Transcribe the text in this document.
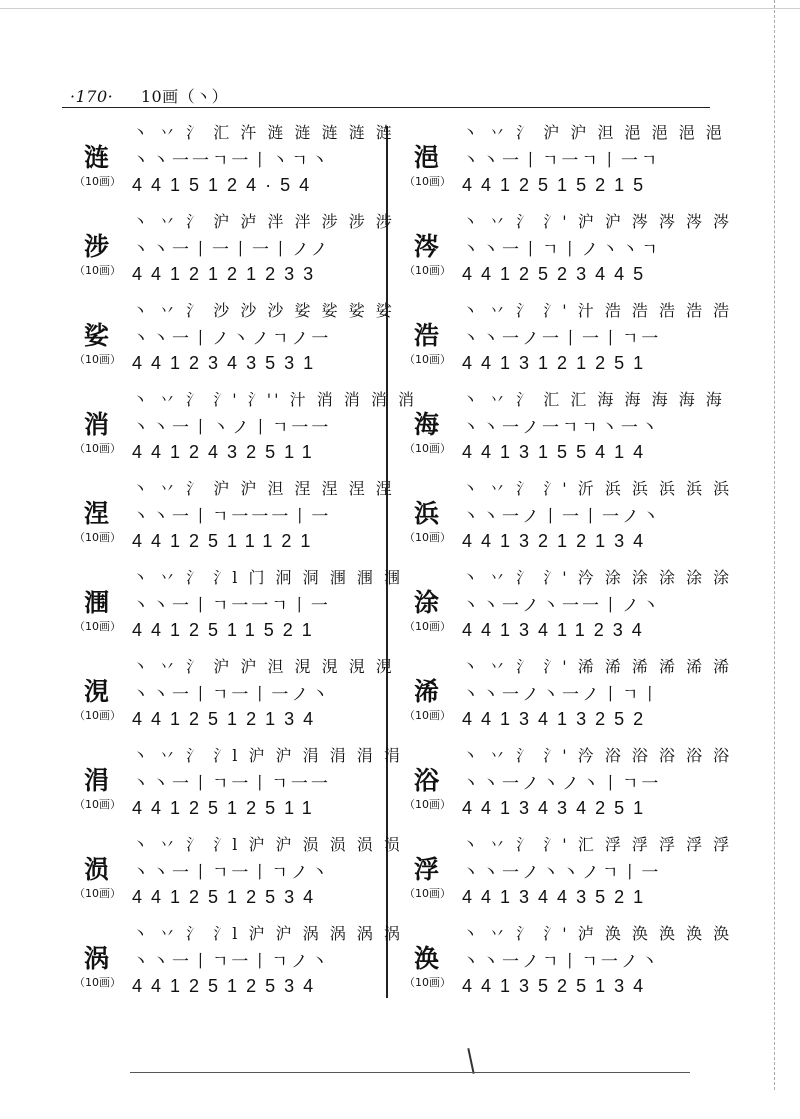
·170· 10画（丶）
涟
（10画）
丶 丷 氵 汇 汻 涟 涟 涟 涟 涟
丶丶一一ㄱ一丨丶ㄱ丶
4415124·54
涉
（10画）
丶 丷 氵 沪 泸 泮 泮 涉 涉 涉
丶丶一丨一丨一丨ノノ
4412121233
娑
（10画）
丶 丷 氵 沙 沙 沙 娑 娑 娑 娑
丶丶一丨ノ丶ノㄱノ一
4412343531
消
（10画）
丶 丷 氵 氵' 氵'' 汁 消 消 消 消
丶丶一丨丶ノ丨ㄱ一一
4412432511
涅
（10画）
丶 丷 氵 沪 沪 泹 涅 涅 涅 涅
丶丶一丨ㄱ一一一丨一
4412511121
涠
（10画）
丶 丷 氵 氵l 门 泂 洞 涠 涠 涠
丶丶一丨ㄱ一一ㄱ丨一
4412511521
涀
（10画）
丶 丷 氵 沪 沪 泹 涀 涀 涀 涀
丶丶一丨ㄱ一丨一ノ丶
4412512134
涓
（10画）
丶 丷 氵 氵l 沪 沪 涓 涓 涓 涓
丶丶一丨ㄱ一丨ㄱ一一
4412512511
涢
（10画）
丶 丷 氵 氵l 沪 沪 涢 涢 涢 涢
丶丶一丨ㄱ一丨ㄱノ丶
4412512534
涡
（10画）
丶 丷 氵 氵l 沪 沪 涡 涡 涡 涡
丶丶一丨ㄱ一丨ㄱノ丶
4412512534
浥
（10画）
丶 丷 氵 沪 沪 泹 浥 浥 浥 浥
丶丶一丨ㄱ一ㄱ丨一ㄱ
4412515215
涔
（10画）
丶 丷 氵 氵' 沪 沪 涔 涔 涔 涔
丶丶一丨ㄱ丨ノ丶丶ㄱ
4412523445
浩
（10画）
丶 丷 氵 氵' 汁 浩 浩 浩 浩 浩
丶丶一ノ一丨一丨ㄱ一
4413121251
海
（10画）
丶 丷 氵 汇 汇 海 海 海 海 海
丶丶一ノ一ㄱㄱ丶一丶
4413155414
浜
（10画）
丶 丷 氵 氵' 沂 浜 浜 浜 浜 浜
丶丶一ノ丨一丨一ノ丶
4413212134
涂
（10画）
丶 丷 氵 氵' 汵 涂 涂 涂 涂 涂
丶丶一ノ丶一一丨ノ丶
4413411234
浠
（10画）
丶 丷 氵 氵' 浠 浠 浠 浠 浠 浠
丶丶一ノ丶一ノ丨ㄱ丨
4413413252
浴
（10画）
丶 丷 氵 氵' 汵 浴 浴 浴 浴 浴
丶丶一ノ丶ノ丶丨ㄱ一
4413434251
浮
（10画）
丶 丷 氵 氵' 汇 浮 浮 浮 浮 浮
丶丶一ノ丶丶ノㄱ丨一
4413443521
涣
（10画）
丶 丷 氵 氵' 泸 涣 涣 涣 涣 涣
丶丶一ノㄱ丨ㄱ一ノ丶
4413525134
